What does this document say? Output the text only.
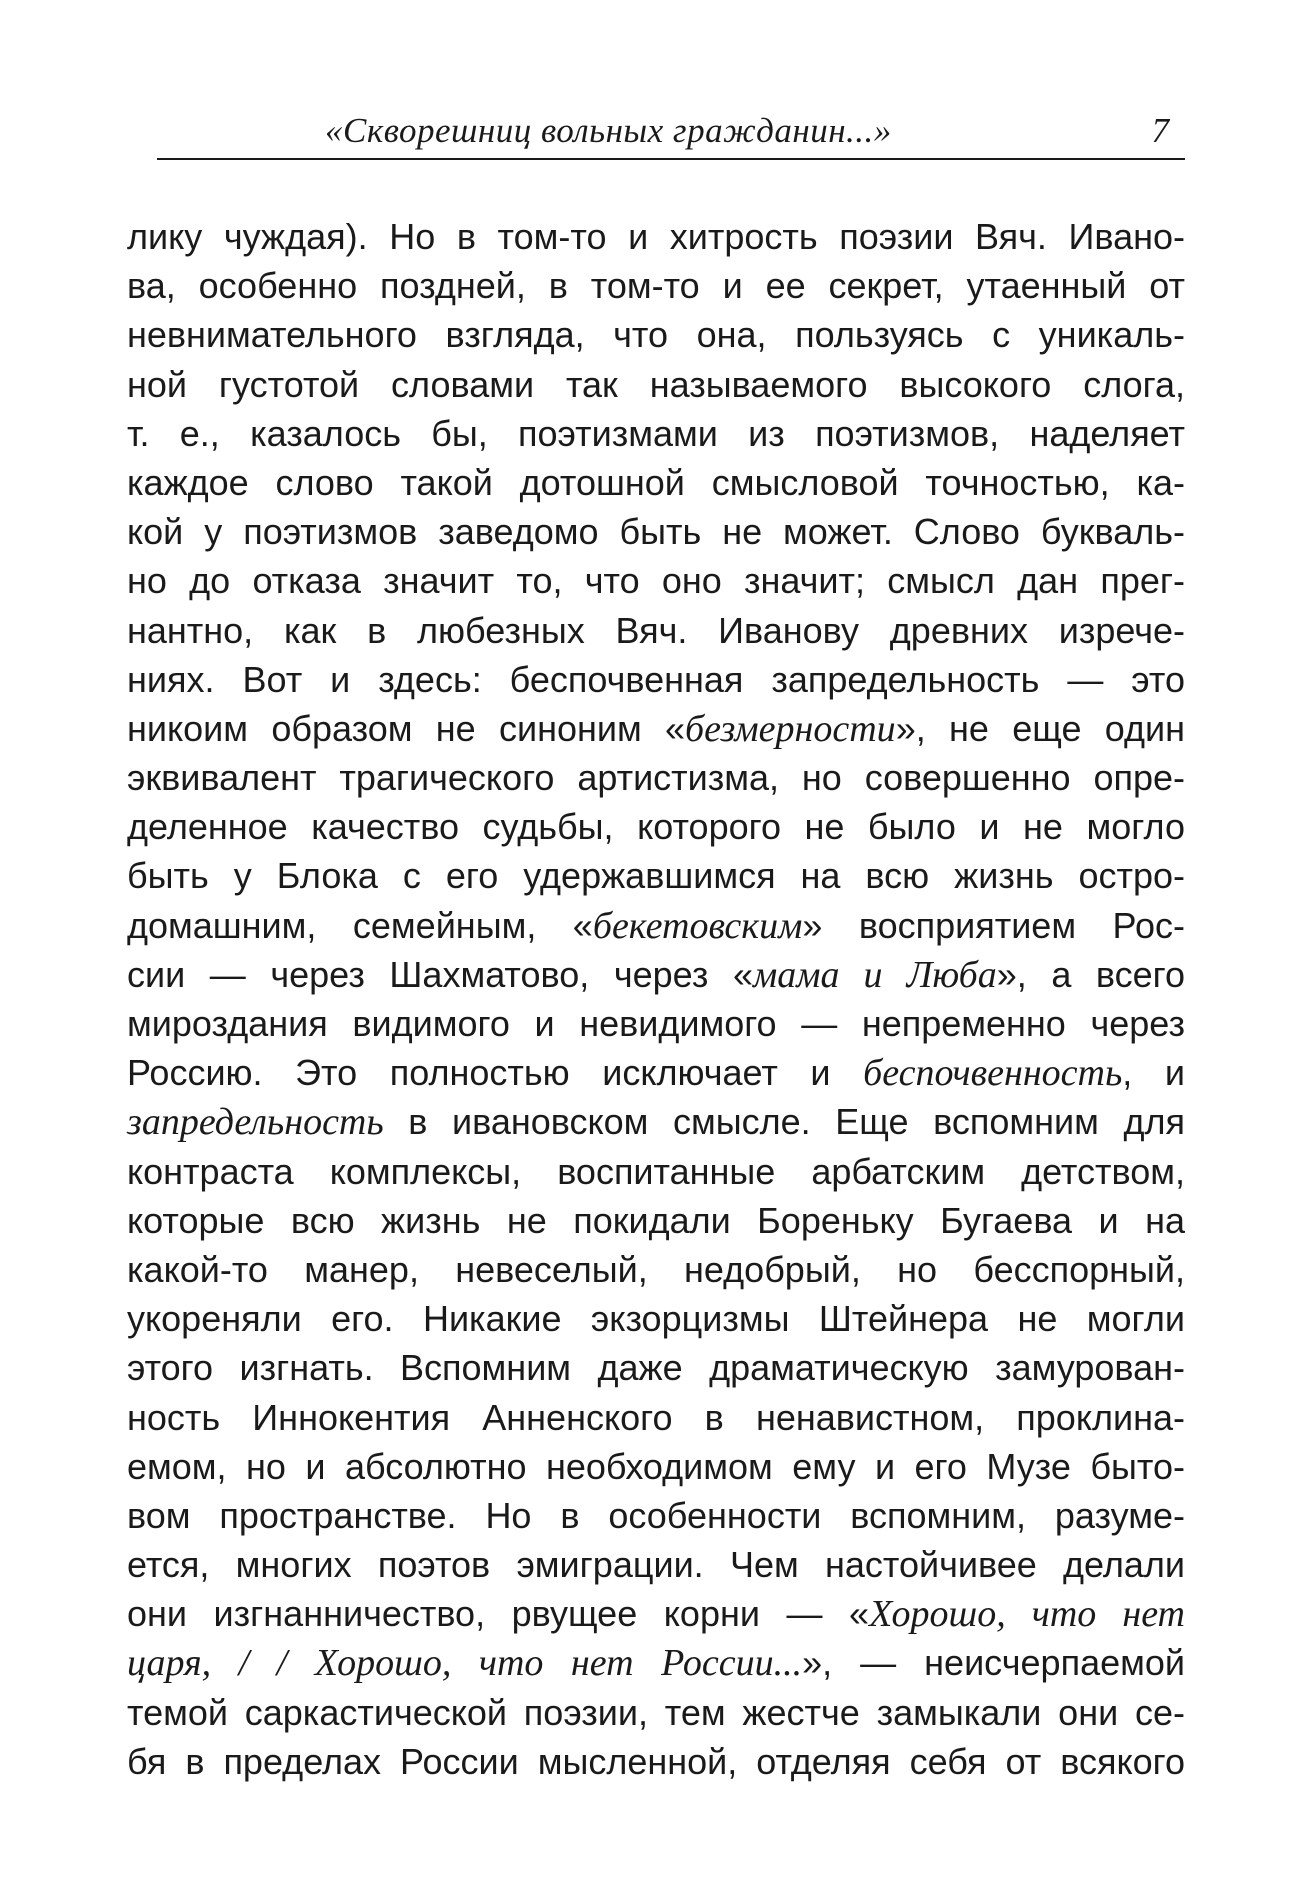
«Скворешниц вольных гражданин...»	7
лику чуждая). Но в том-то и хитрость поэзии Вяч. Ивано-
ва, особенно поздней, в том-то и ее секрет, утаенный от
невнимательного взгляда, что она, пользуясь с уникаль-
ной густотой словами так называемого высокого слога,
т. е., казалось бы, поэтизмами из поэтизмов, наделяет
каждое слово такой дотошной смысловой точностью, ка-
кой у поэтизмов заведомо быть не может. Слово букваль-
но до отказа значит то, что оно значит; смысл дан прег-
нантно, как в любезных Вяч. Иванову древних изрече-
ниях. Вот и здесь: беспочвенная запредельность — это
никоим образом не синоним «безмерности», не еще один
эквивалент трагического артистизма, но совершенно опре-
деленное качество судьбы, которого не было и не могло
быть у Блока с его удержавшимся на всю жизнь остро-
домашним, семейным, «бекетовским» восприятием Рос-
сии — через Шахматово, через «мама и Люба», а всего
мироздания видимого и невидимого — непременно через
Россию. Это полностью исключает и беспочвенность, и
запредельность в ивановском смысле. Еще вспомним для
контраста комплексы, воспитанные арбатским детством,
которые всю жизнь не покидали Бореньку Бугаева и на
какой-то манер, невеселый, недобрый, но бесспорный,
укореняли его. Никакие экзорцизмы Штейнера не могли
этого изгнать. Вспомним даже драматическую замурован-
ность Иннокентия Анненского в ненавистном, проклина-
емом, но и абсолютно необходимом ему и его Музе быто-
вом пространстве. Но в особенности вспомним, разуме-
ется, многих поэтов эмиграции. Чем настойчивее делали
они изгнанничество, рвущее корни — «Хорошо, что нет
царя, / / Хорошо, что нет России...», — неисчерпаемой
темой саркастической поэзии, тем жестче замыкали они се-
бя в пределах России мысленной, отделяя себя от всякого
